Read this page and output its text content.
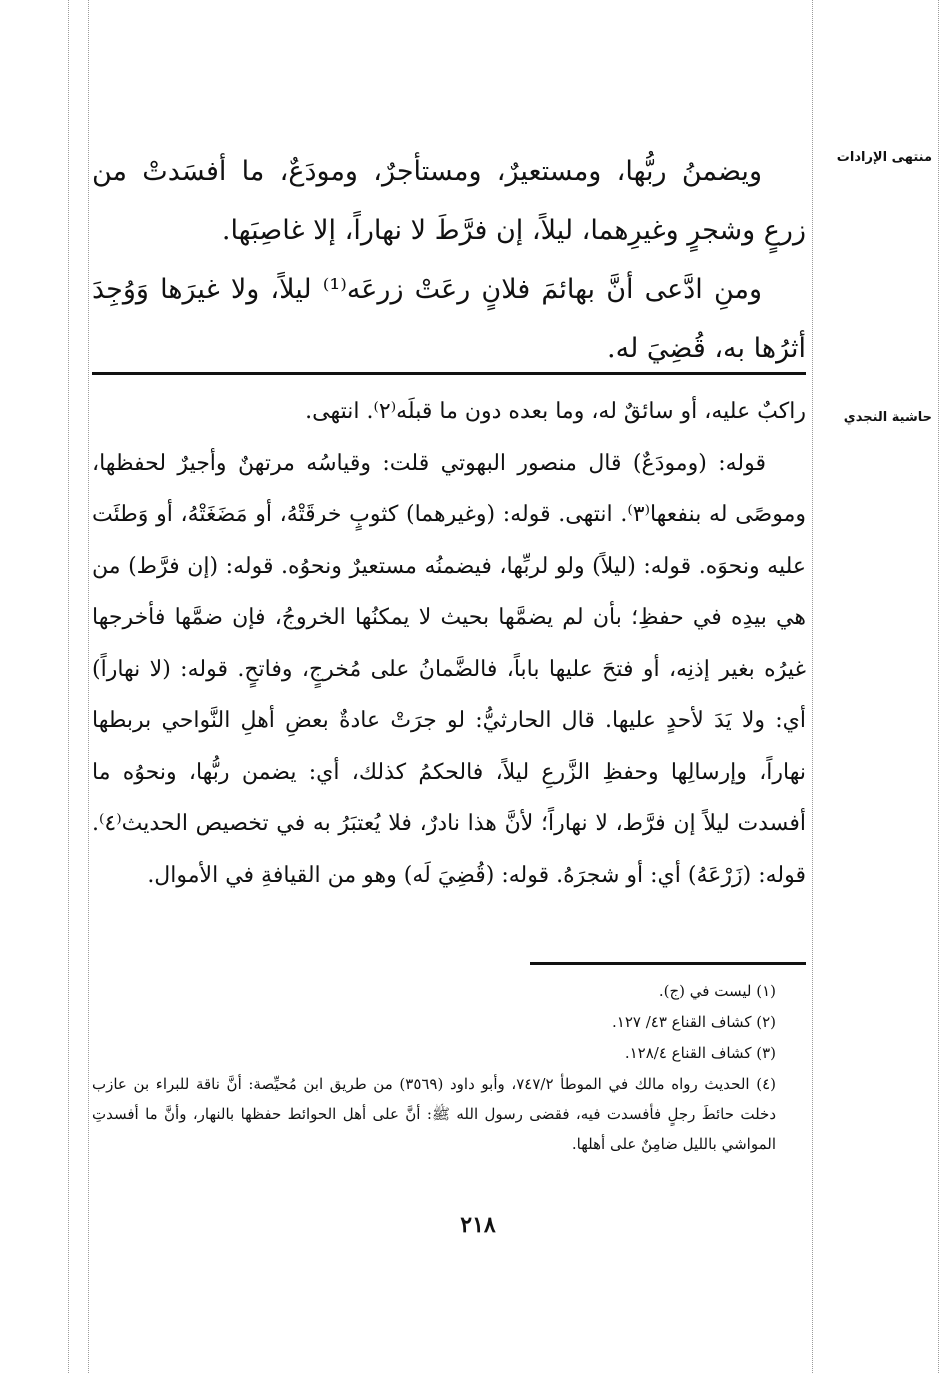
منتهى الإرادات
حاشية النجدي

ويضمنُ ربُّها، ومستعيرٌ، ومستأجرٌ، ومودَعٌ، ما أفسَدتْ من زرعٍ وشجرٍ وغيرِهما، ليلاً، إن فرَّطَ لا نهاراً، إلا غاصِبَها.

ومنِ ادَّعى أنَّ بهائمَ فلانٍ رعَتْ زرعَه⁽¹⁾ ليلاً، ولا غيرَها وَوُجِدَ أثرُها به، قُضِيَ له.

راكبٌ عليه، أو سائقٌ له، وما بعده دون ما قبلَه⁽٢⁾. انتهى.

قوله: (ومودَعٌ) قال منصور البهوتي قلت: وقياسُه مرتهنٌ وأجيرٌ لحفظها، وموصًى له بنفعها⁽٣⁾. انتهى. قوله: (وغيرهما) كثوبٍ خرقَتْهُ، أو مَضَغَتْهُ، أو وَطئَت عليه ونحوَه. قوله: (ليلاً) ولو لربِّها، فيضمنُه مستعيرٌ ونحوُه. قوله: (إن فرَّط) من هي بيدِه في حفظِ؛ بأن لم يضمَّها بحيث لا يمكنُها الخروجُ، فإن ضمَّها فأخرجها غيرُه بغير إذنِه، أو فتحَ عليها باباً، فالضَّمانُ على مُخرجٍ، وفاتحٍ. قوله: (لا نهاراً) أي: ولا يَدَ لأحدٍ عليها. قال الحارثيُّ: لو جرَتْ عادةٌ بعضِ أهلِ النَّواحي بربطها نهاراً، وإرسالِها وحفظِ الزَّرعِ ليلاً، فالحكمُ كذلك، أي: يضمن ربُّها، ونحوُه ما أفسدت ليلاً إن فرَّط، لا نهاراً؛ لأنَّ هذا نادرٌ، فلا يُعتبَرُ به في تخصيص الحديث⁽٤⁾. قوله: (زَرْعَهُ) أي: أو شجرَهُ. قوله: (قُضِيَ لَه) وهو من القيافةِ في الأموال.

(١) ليست في (ج).

(٢) كشاف القناع ٤٣/ ١٢٧.

(٣) كشاف القناع ١٢٨/٤.

(٤) الحديث رواه مالك في الموطأ ٧٤٧/٢، وأبو داود (٣٥٦٩) من طريق ابن مُحيِّصة: أنَّ ناقة للبراء بن عازب دخلت حائطَ رجلٍ فأفسدت فيه، فقضى رسول الله ﷺ: أنَّ على أهل الحوائط حفظها بالنهار، وأنَّ ما أفسدتِ المواشي بالليل ضامِنٌ على أهلها.

٢١٨
